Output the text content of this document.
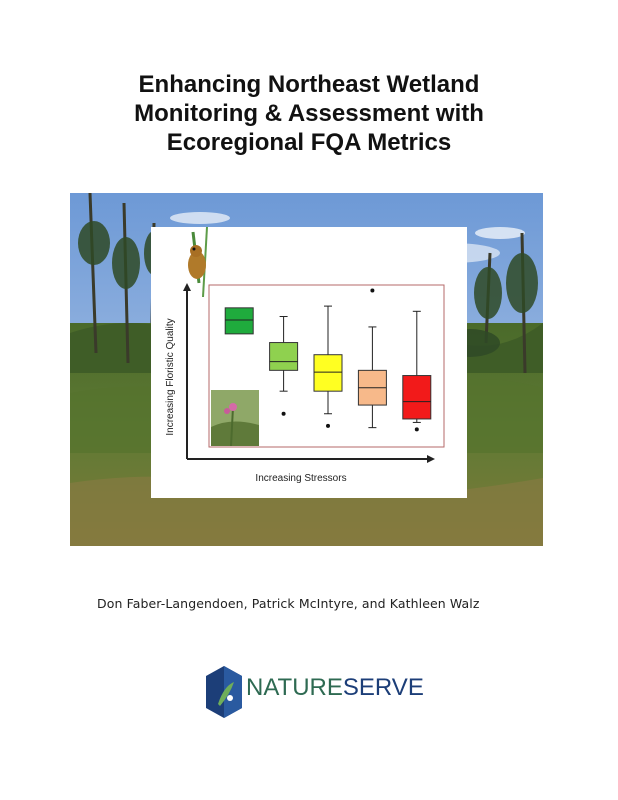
Enhancing Northeast Wetland
Monitoring & Assessment with
Ecoregional FQA Metrics
Increasing Floristic Quality
Increasing Stressors
Don Faber-Langendoen, Patrick McIntyre, and Kathleen Walz
NATURESERVE
